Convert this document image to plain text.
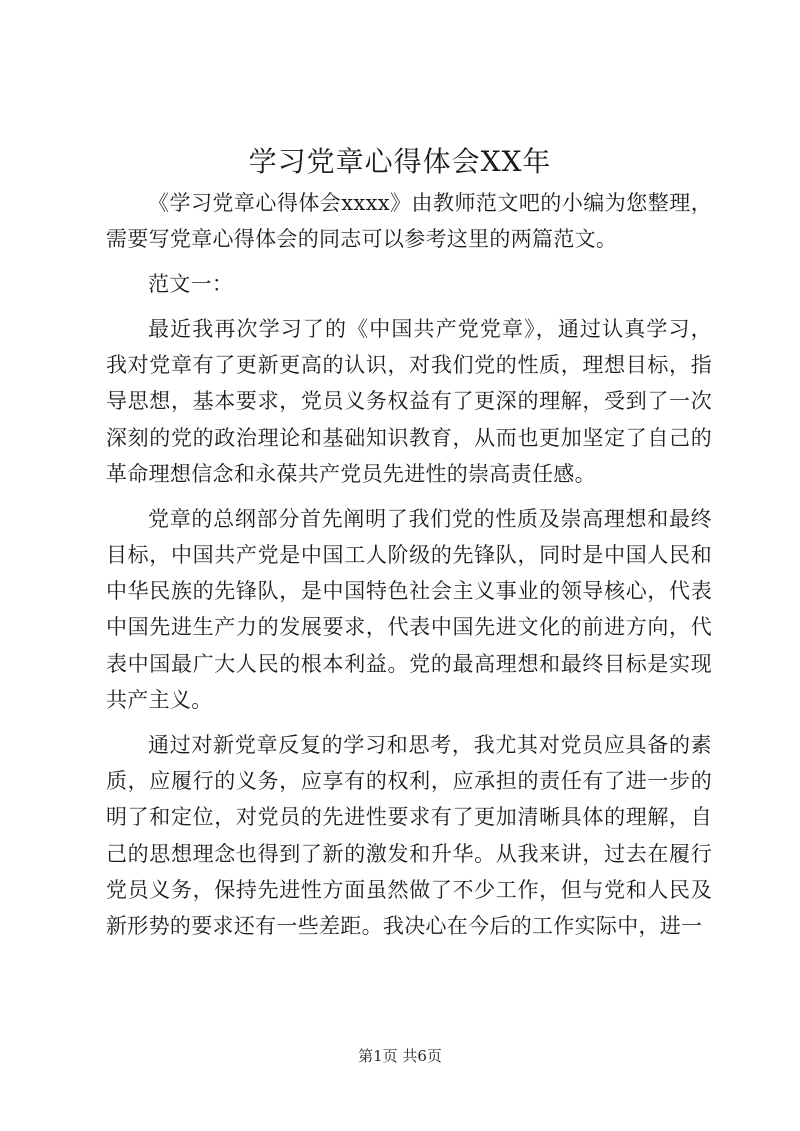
学习党章心得体会XX年

《学习党章心得体会xxxx》由教师范文吧的小编为您整理，需要写党章心得体会的同志可以参考这里的两篇范文。

范文一：

最近我再次学习了的《中国共产党党章》，通过认真学习，我对党章有了更新更高的认识，对我们党的性质，理想目标，指导思想，基本要求，党员义务权益有了更深的理解，受到了一次深刻的党的政治理论和基础知识教育，从而也更加坚定了自己的革命理想信念和永葆共产党员先进性的崇高责任感。

党章的总纲部分首先阐明了我们党的性质及崇高理想和最终目标，中国共产党是中国工人阶级的先锋队，同时是中国人民和中华民族的先锋队，是中国特色社会主义事业的领导核心，代表中国先进生产力的发展要求，代表中国先进文化的前进方向，代表中国最广大人民的根本利益。党的最高理想和最终目标是实现共产主义。

通过对新党章反复的学习和思考，我尤其对党员应具备的素质，应履行的义务，应享有的权利，应承担的责任有了进一步的明了和定位，对党员的先进性要求有了更加清晰具体的理解，自己的思想理念也得到了新的激发和升华。从我来讲，过去在履行党员义务，保持先进性方面虽然做了不少工作，但与党和人民及新形势的要求还有一些差距。我决心在今后的工作实际中，进一

第1页 共6页
